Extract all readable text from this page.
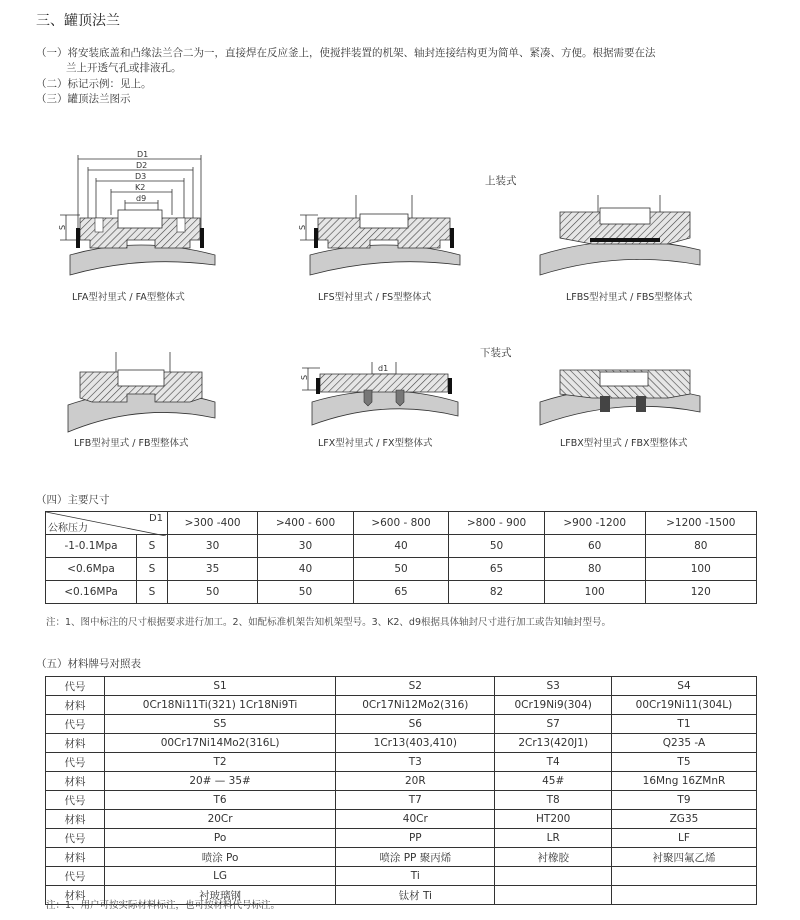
三、罐顶法兰
（一）将安装底盖和凸缘法兰合二为一，直接焊在反应釜上，使搅拌装置的机架、轴封连接结构更为简单、紧凑、方便。根据需要在法
兰上开透气孔或排液孔。
（二）标记示例：见上。
（三）罐顶法兰图示
D1
D2
D3
K2
d9
S
LFA型衬里式 / FA型整体式
S
LFS型衬里式 / FS型整体式
上装式
LFBS型衬里式 / FBS型整体式
下装式
LFB型衬里式 / FB型整体式
S
d1
LFX型衬里式 / FX型整体式	LFBX型衬里式 / FBX型整体式
（四）主要尺寸
D1
公称压力		>300 -400	>400 - 600	>600 - 800	>800 - 900	>900 -1200	>1200 -1500
-1-0.1Mpa	S	30	30	40	50	60	80
<0.6Mpa	S	35	40	50	65	80	100
<0.16MPa	S	50	50	65	82	100	120
注：1、图中标注的尺寸根据要求进行加工。2、如配标准机架告知机架型号。3、K2、d9根据具体轴封尺寸进行加工或告知轴封型号。
（五）材料牌号对照表
代号	S1	S2	S3	S4
材料	0Cr18Ni11Ti(321) 1Cr18Ni9Ti	0Cr17Ni12Mo2(316)	0Cr19Ni9(304)	00Cr19Ni11(304L)
代号	S5	S6	S7	T1
材料	00Cr17Ni14Mo2(316L)	1Cr13(403,410)	2Cr13(420J1)	Q235 -A
代号	T2	T3	T4	T5
材料	20# — 35#	20R	45#	16Mng 16ZMnR
代号	T6	T7	T8	T9
材料	20Cr	40Cr	HT200	ZG35
代号	Po	PP	LR	LF
材料	喷涂 Po	喷涂 PP 聚丙烯	衬橡胶	衬聚四氟乙烯
代号	LG	Ti		
材料	衬玻璃钢	钛材 Ti		
注：1、用户可按实际材料标注，也可按材料代号标注。
